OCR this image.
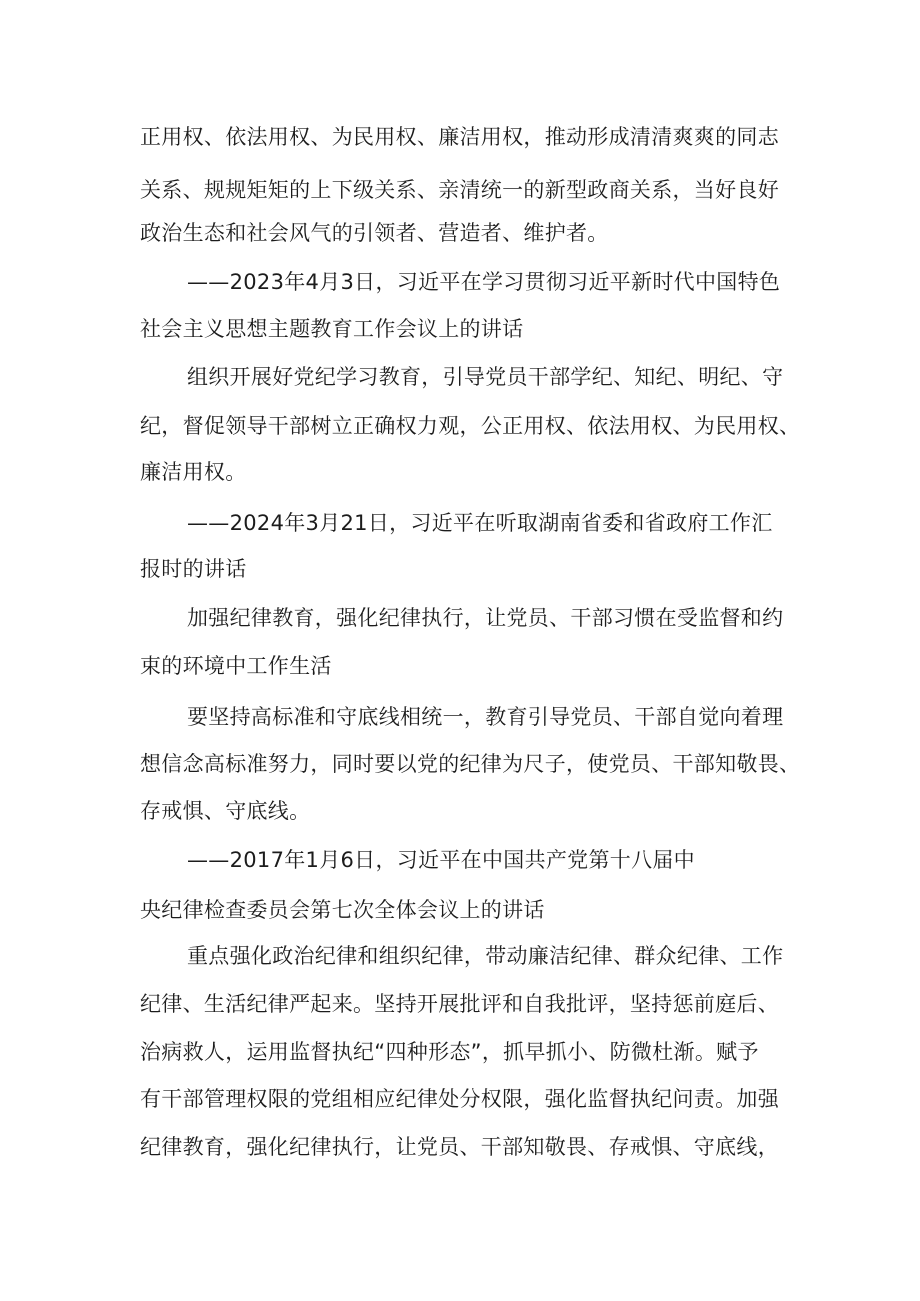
正用权、依法用权、为民用权、廉洁用权，推动形成清清爽爽的同志
关系、规规矩矩的上下级关系、亲清统一的新型政商关系，当好良好
政治生态和社会风气的引领者、营造者、维护者。
——2023年4月3日，习近平在学习贯彻习近平新时代中国特色
社会主义思想主题教育工作会议上的讲话
组织开展好党纪学习教育，引导党员干部学纪、知纪、明纪、守
纪，督促领导干部树立正确权力观，公正用权、依法用权、为民用权、
廉洁用权。
——2024年3月21日，习近平在听取湖南省委和省政府工作汇
报时的讲话
加强纪律教育，强化纪律执行，让党员、干部习惯在受监督和约
束的环境中工作生活
要坚持高标准和守底线相统一，教育引导党员、干部自觉向着理
想信念高标准努力，同时要以党的纪律为尺子，使党员、干部知敬畏、
存戒惧、守底线。
——2017年1月6日，习近平在中国共产党第十八届中
央纪律检查委员会第七次全体会议上的讲话
重点强化政治纪律和组织纪律，带动廉洁纪律、群众纪律、工作
纪律、生活纪律严起来。坚持开展批评和自我批评，坚持惩前庭后、
治病救人，运用监督执纪“四种形态”，抓早抓小、防微杜渐。赋予
有干部管理权限的党组相应纪律处分权限，强化监督执纪问责。加强
纪律教育，强化纪律执行，让党员、干部知敬畏、存戒惧、守底线，
